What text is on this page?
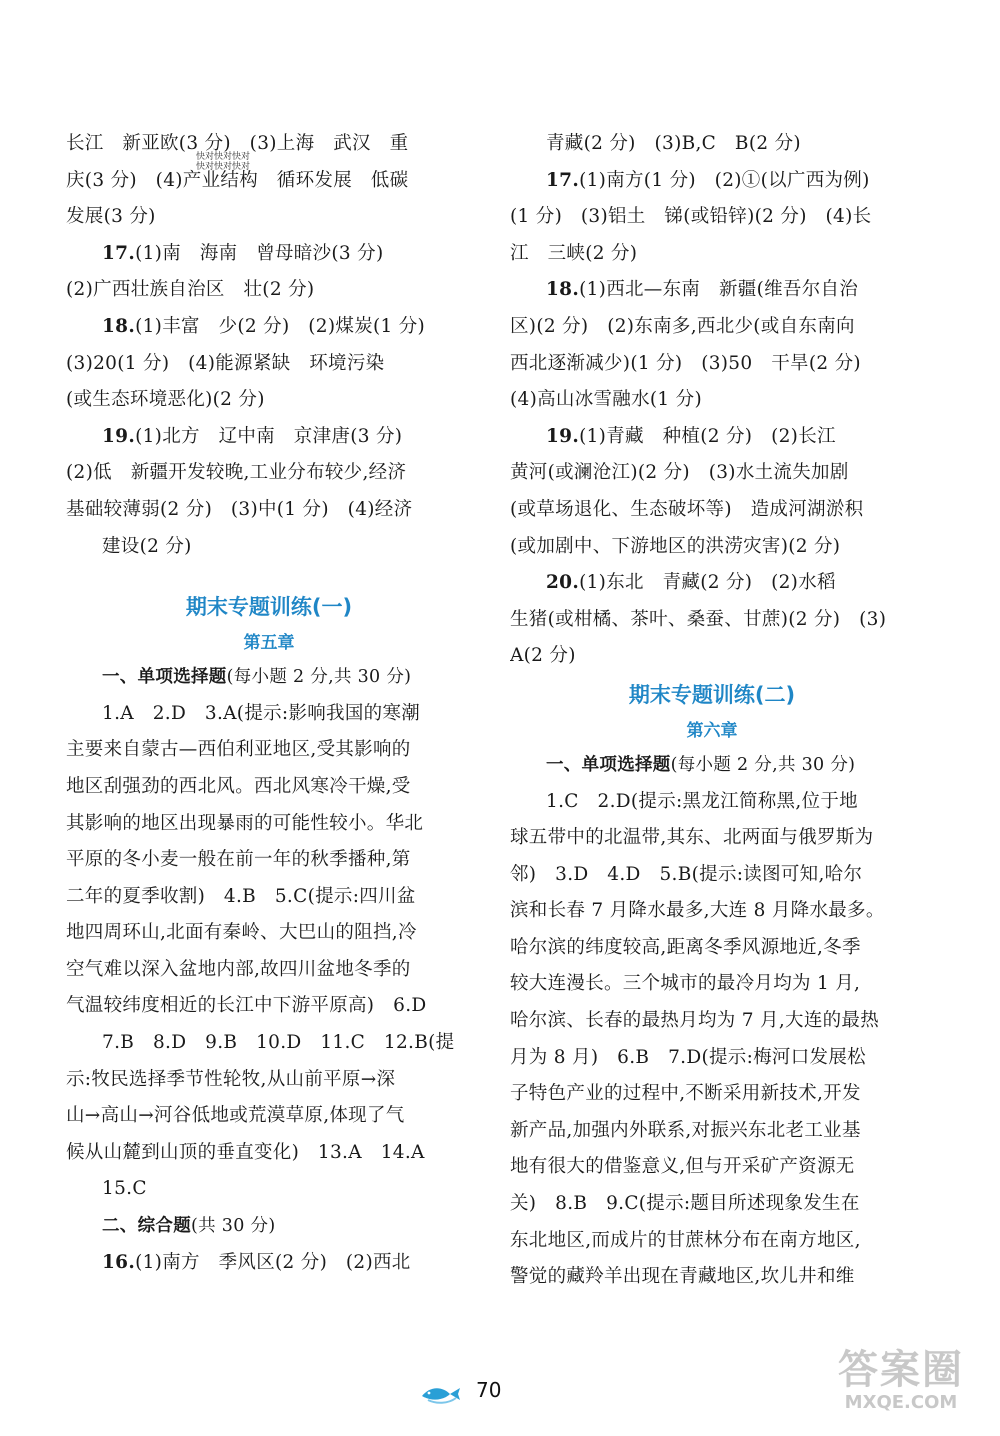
长江　新亚欧(3 分)　(3)上海　武汉　重
庆(3 分)　(4)产业结构　循环发展　低碳
发展(3 分)
17.(1)南　海南　曾母暗沙(3 分)
(2)广西壮族自治区　壮(2 分)
18.(1)丰富　少(2 分)　(2)煤炭(1 分)
(3)20(1 分)　(4)能源紧缺　环境污染
(或生态环境恶化)(2 分)
19.(1)北方　辽中南　京津唐(3 分)
(2)低　新疆开发较晚,工业分布较少,经济
基础较薄弱(2 分)　(3)中(1 分)　(4)经济
建设(2 分)
期末专题训练(一)
第五章
一、单项选择题(每小题 2 分,共 30 分)
1.A　2.D　3.A(提示:影响我国的寒潮
主要来自蒙古—西伯利亚地区,受其影响的
地区刮强劲的西北风。西北风寒冷干燥,受
其影响的地区出现暴雨的可能性较小。华北
平原的冬小麦一般在前一年的秋季播种,第
二年的夏季收割)　4.B　5.C(提示:四川盆
地四周环山,北面有秦岭、大巴山的阻挡,冷
空气难以深入盆地内部,故四川盆地冬季的
气温较纬度相近的长江中下游平原高)　6.D
7.B　8.D　9.B　10.D　11.C　12.B(提
示:牧民选择季节性轮牧,从山前平原→深
山→高山→河谷低地或荒漠草原,体现了气
候从山麓到山顶的垂直变化)　13.A　14.A
15.C
二、综合题(共 30 分)
16.(1)南方　季风区(2 分)　(2)西北
快对快对快对
快对快对快对
青藏(2 分)　(3)B,C　B(2 分)
17.(1)南方(1 分)　(2)①(以广西为例)
(1 分)　(3)铝土　锑(或铅锌)(2 分)　(4)长
江　三峡(2 分)
18.(1)西北—东南　新疆(维吾尔自治
区)(2 分)　(2)东南多,西北少(或自东南向
西北逐渐减少)(1 分)　(3)50　干旱(2 分)
(4)高山冰雪融水(1 分)
19.(1)青藏　种植(2 分)　(2)长江
黄河(或澜沧江)(2 分)　(3)水土流失加剧
(或草场退化、生态破坏等)　造成河湖淤积
(或加剧中、下游地区的洪涝灾害)(2 分)
20.(1)东北　青藏(2 分)　(2)水稻
生猪(或柑橘、茶叶、桑蚕、甘蔗)(2 分)　(3)
A(2 分)
期末专题训练(二)
第六章
一、单项选择题(每小题 2 分,共 30 分)
1.C　2.D(提示:黑龙江简称黑,位于地
球五带中的北温带,其东、北两面与俄罗斯为
邻)　3.D　4.D　5.B(提示:读图可知,哈尔
滨和长春 7 月降水最多,大连 8 月降水最多。
哈尔滨的纬度较高,距离冬季风源地近,冬季
较大连漫长。三个城市的最冷月均为 1 月,
哈尔滨、长春的最热月均为 7 月,大连的最热
月为 8 月)　6.B　7.D(提示:梅河口发展松
子特色产业的过程中,不断采用新技术,开发
新产品,加强内外联系,对振兴东北老工业基
地有很大的借鉴意义,但与开采矿产资源无
关)　8.B　9.C(提示:题目所述现象发生在
东北地区,而成片的甘蔗林分布在南方地区,
警觉的藏羚羊出现在青藏地区,坎儿井和维
70	答案圈
MXQE.COM
